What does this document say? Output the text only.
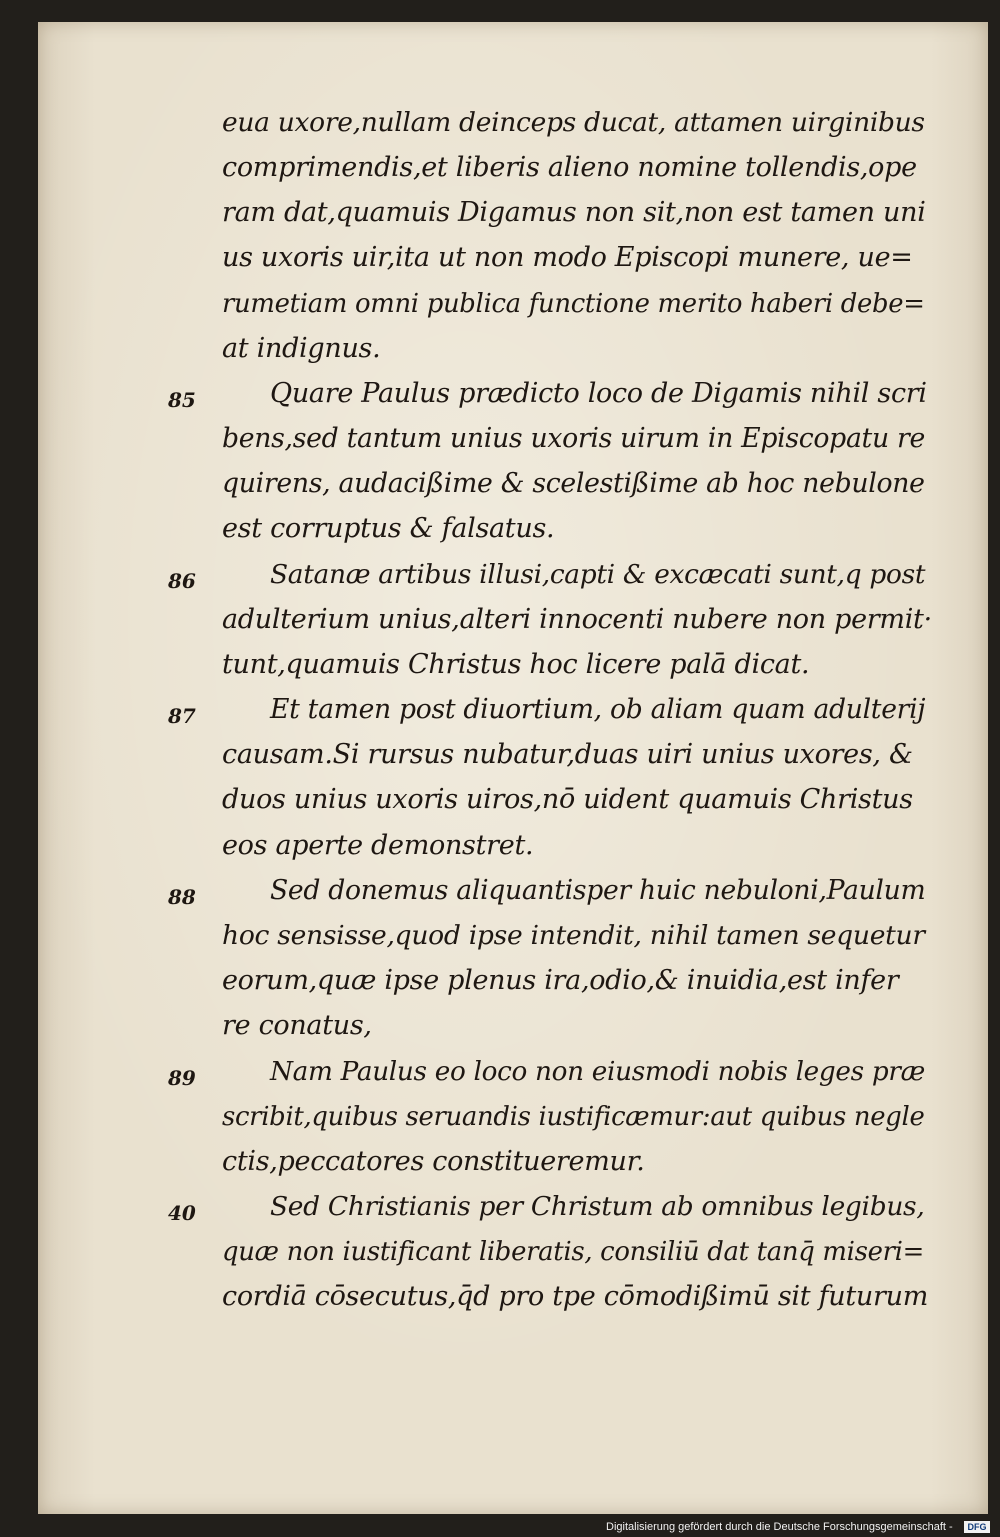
eua uxore,nullam deinceps ducat, attamen uirginibus
comprimendis,et liberis alieno nomine tollendis,ope
ram dat,quamuis Digamus non sit,non est tamen uni
us uxoris uir,ita ut non modo Episcopi munere, ue=
rumetiam omni publica functione merito haberi debe=
at indignus.
Quare Paulus prædicto loco de Digamis nihil scri
bens,sed tantum unius uxoris uirum in Episcopatu re
quirens, audacißime & scelestißime ab hoc nebulone
est corruptus & falsatus.
Satanæ artibus illusi,capti & excæcati sunt,q post
adulterium unius,alteri innocenti nubere non permit·
tunt,quamuis Christus hoc licere palā dicat.
Et tamen post diuortium, ob aliam quam adulterij
causam.Si rursus nubatur,duas uiri unius uxores, &
duos unius uxoris uiros,nō uident quamuis Christus
eos aperte demonstret.
Sed donemus aliquantisper huic nebuloni,Paulum
hoc sensisse,quod ipse intendit, nihil tamen sequetur
eorum,quæ ipse plenus ira,odio,& inuidia,est infer
re conatus,
Nam Paulus eo loco non eiusmodi nobis leges præ
scribit,quibus seruandis iustificæmur:aut quibus negle
ctis,peccatores constitueremur.
Sed Christianis per Christum ab omnibus legibus,
quæ non iustificant liberatis, consiliū dat tanq̄ miseri=
cordiā cōsecutus,q̄d pro tpe cōmodißimū sit futurum
85
86
87
88
89
40
Digitalisierung gefördert durch die Deutsche Forschungsgemeinschaft -	DFG
